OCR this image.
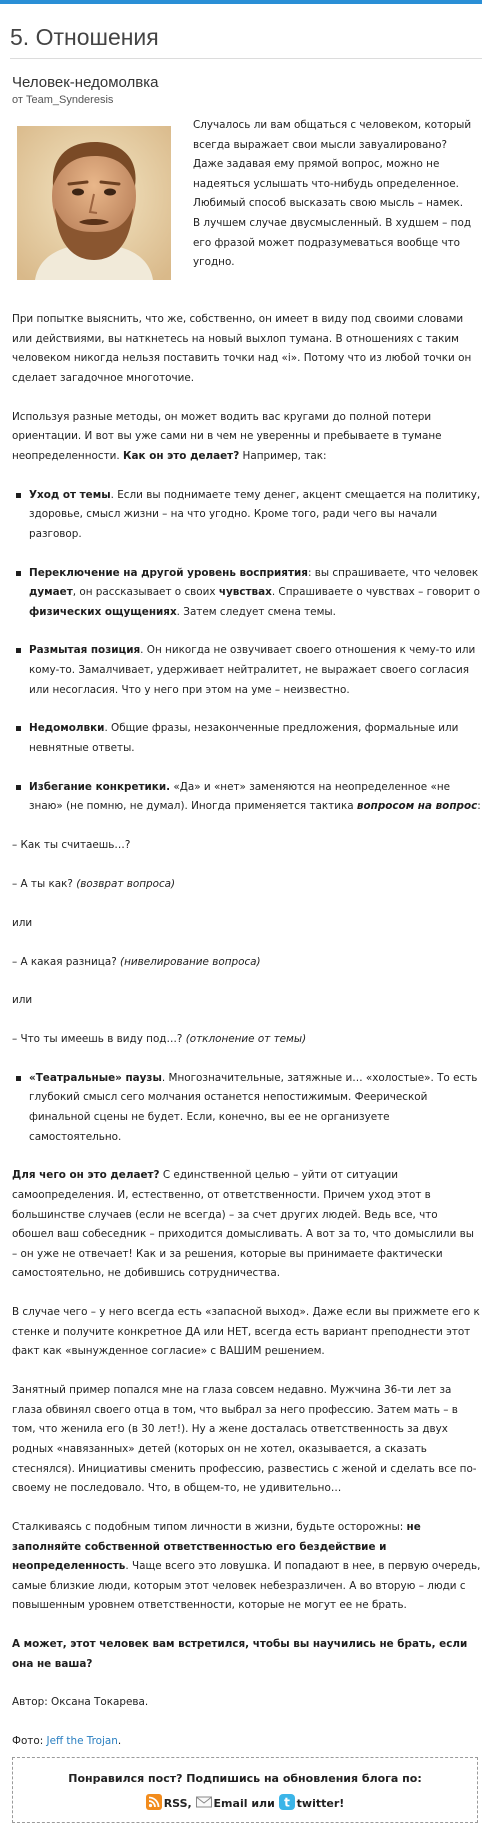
5. Отношения
Человек-недомолвка
от Team_Synderesis

Случалось ли вам общаться с человеком, который всегда выражает свои мысли завуалировано? Даже задавая ему прямой вопрос, можно не надеяться услышать что-нибудь определенное. Любимый способ высказать свою мысль – намек. В лучшем случае двусмысленный. В худшем – под его фразой может подразумеваться вообще что угодно.

При попытке выяснить, что же, собственно, он имеет в виду под своими словами или действиями, вы наткнетесь на новый выхлоп тумана. В отношениях с таким человеком никогда нельзя поставить точки над «i». Потому что из любой точки он сделает загадочное многоточие.

Используя разные методы, он может водить вас кругами до полной потери ориентации. И вот вы уже сами ни в чем не уверенны и пребываете в тумане неопределенности. Как он это делает? Например, так:

Уход от темы. Если вы поднимаете тему денег, акцент смещается на политику, здоровье, смысл жизни – на что угодно. Кроме того, ради чего вы начали разговор.
Переключение на другой уровень восприятия: вы спрашиваете, что человек думает, он рассказывает о своих чувствах. Спрашиваете о чувствах – говорит о физических ощущениях. Затем следует смена темы.
Размытая позиция. Он никогда не озвучивает своего отношения к чему-то или кому-то. Замалчивает, удерживает нейтралитет, не выражает своего согласия или несогласия. Что у него при этом на уме – неизвестно.
Недомолвки. Общие фразы, незаконченные предложения, формальные или невнятные ответы.
Избегание конкретики. «Да» и «нет» заменяются на неопределенное «не знаю» (не помню, не думал). Иногда применяется тактика вопросом на вопрос:

– Как ты считаешь…?

– А ты как? (возврат вопроса)

или

– А какая разница? (нивелирование вопроса)

или

– Что ты имеешь в виду под…? (отклонение от темы)

«Театральные» паузы. Многозначительные, затяжные и… «холостые». То есть глубокий смысл сего молчания останется непостижимым. Феерической финальной сцены не будет. Если, конечно, вы ее не организуете самостоятельно.

Для чего он это делает? С единственной целью – уйти от ситуации самоопределения. И, естественно, от ответственности. Причем уход этот в большинстве случаев (если не всегда) – за счет других людей. Ведь все, что обошел ваш собеседник – приходится домысливать. А вот за то, что домыслили вы – он уже не отвечает! Как и за решения, которые вы принимаете фактически самостоятельно, не добившись сотрудничества.

В случае чего – у него всегда есть «запасной выход». Даже если вы прижмете его к стенке и получите конкретное ДА или НЕТ, всегда есть вариант преподнести этот факт как «вынужденное согласие» с ВАШИМ решением.

Занятный пример попался мне на глаза совсем недавно. Мужчина 36-ти лет за глаза обвинял своего отца в том, что выбрал за него профессию. Затем мать – в том, что женила его (в 30 лет!). Ну а жене досталась ответственность за двух родных «навязанных» детей (которых он не хотел, оказывается, а сказать стеснялся). Инициативы сменить профессию, развестись с женой и сделать все по-своему не последовало. Что, в общем-то, не удивительно…

Сталкиваясь с подобным типом личности в жизни, будьте осторожны: не заполняйте собственной ответственностью его бездействие и неопределенность. Чаще всего это ловушка. И попадают в нее, в первую очередь, самые близкие люди, которым этот человек небезразличен. А во вторую – люди с повышенным уровнем ответственности, которые не могут ее не брать.

А может, этот человек вам встретился, чтобы вы научились не брать, если она не ваша?

Автор: Оксана Токарева.

Фото: Jeff the Trojan.

Понравился пост? Подпишись на обновления блога по:
RSS, Email или t twitter!
